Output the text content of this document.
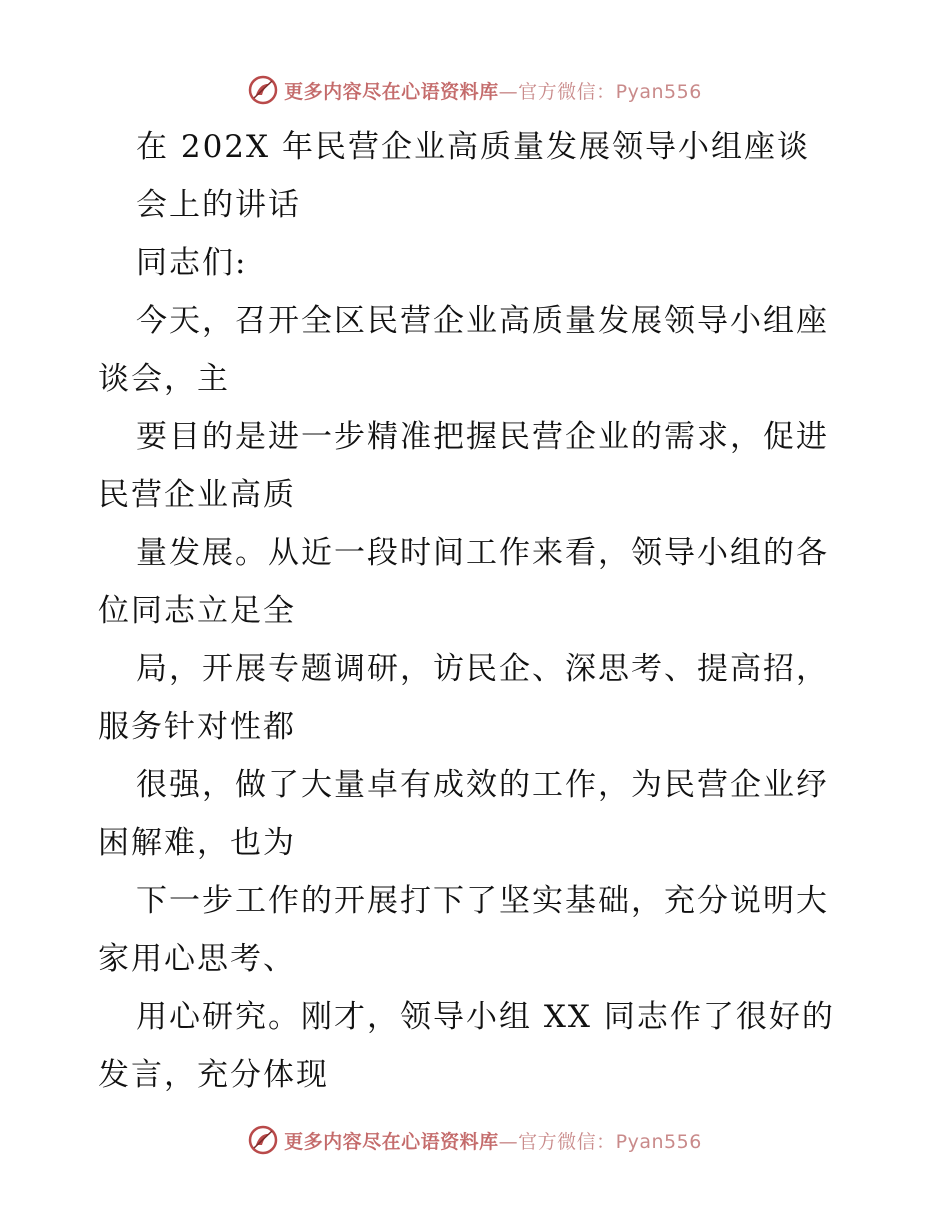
更多内容尽在心语资料库—官方微信：Pyan556
在 202X 年民营企业高质量发展领导小组座谈
会上的讲话
同志们:
今天，召开全区民营企业高质量发展领导小组座
谈会，主
要目的是进一步精准把握民营企业的需求，促进
民营企业高质
量发展。从近一段时间工作来看，领导小组的各
位同志立足全
局，开展专题调研，访民企、深思考、提高招，
服务针对性都
很强，做了大量卓有成效的工作，为民营企业纾
困解难，也为
下一步工作的开展打下了坚实基础，充分说明大
家用心思考、
用心研究。刚才，领导小组 XX 同志作了很好的
发言，充分体现
更多内容尽在心语资料库—官方微信：Pyan556
